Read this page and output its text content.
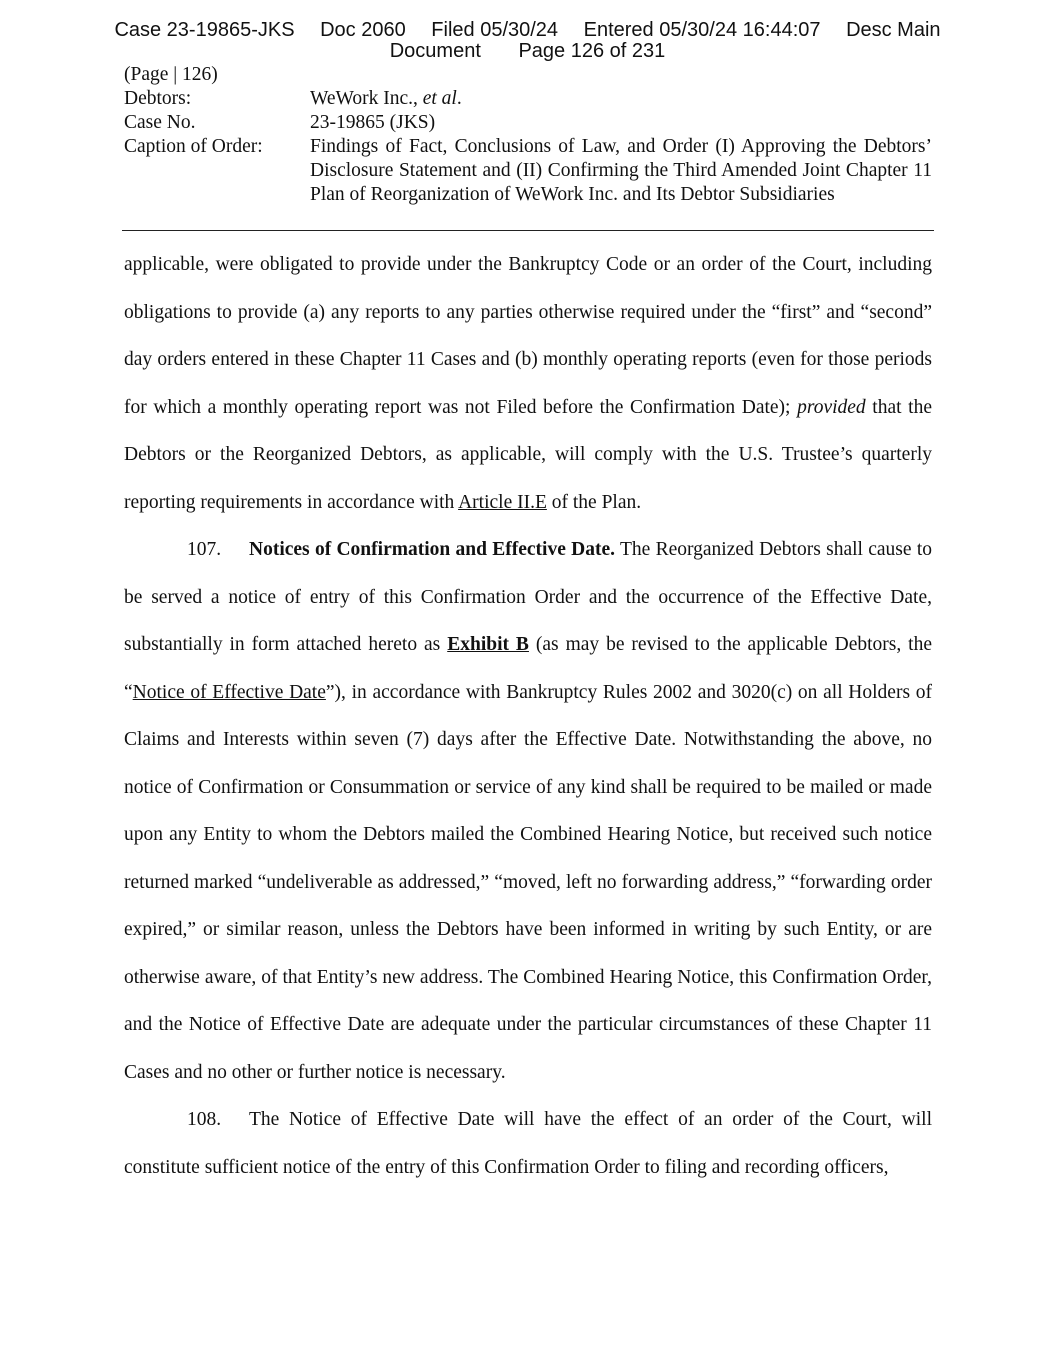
Case 23-19865-JKS Doc 2060 Filed 05/30/24 Entered 05/30/24 16:44:07 Desc Main
Document Page 126 of 231
(Page | 126)
Debtors:	WeWork Inc., et al.
Case No.	23-19865 (JKS)
Caption of Order:	Findings of Fact, Conclusions of Law, and Order (I) Approving the Debtors’ Disclosure Statement and (II) Confirming the Third Amended Joint Chapter 11 Plan of Reorganization of WeWork Inc. and Its Debtor Subsidiaries

applicable, were obligated to provide under the Bankruptcy Code or an order of the Court, including obligations to provide (a) any reports to any parties otherwise required under the “first” and “second” day orders entered in these Chapter 11 Cases and (b) monthly operating reports (even for those periods for which a monthly operating report was not Filed before the Confirmation Date); provided that the Debtors or the Reorganized Debtors, as applicable, will comply with the U.S. Trustee’s quarterly reporting requirements in accordance with Article II.E of the Plan.

107. Notices of Confirmation and Effective Date. The Reorganized Debtors shall cause to be served a notice of entry of this Confirmation Order and the occurrence of the Effective Date, substantially in form attached hereto as Exhibit B (as may be revised to the applicable Debtors, the “Notice of Effective Date”), in accordance with Bankruptcy Rules 2002 and 3020(c) on all Holders of Claims and Interests within seven (7) days after the Effective Date. Notwithstanding the above, no notice of Confirmation or Consummation or service of any kind shall be required to be mailed or made upon any Entity to whom the Debtors mailed the Combined Hearing Notice, but received such notice returned marked “undeliverable as addressed,” “moved, left no forwarding address,” “forwarding order expired,” or similar reason, unless the Debtors have been informed in writing by such Entity, or are otherwise aware, of that Entity’s new address. The Combined Hearing Notice, this Confirmation Order, and the Notice of Effective Date are adequate under the particular circumstances of these Chapter 11 Cases and no other or further notice is necessary.

108. The Notice of Effective Date will have the effect of an order of the Court, will constitute sufficient notice of the entry of this Confirmation Order to filing and recording officers,
